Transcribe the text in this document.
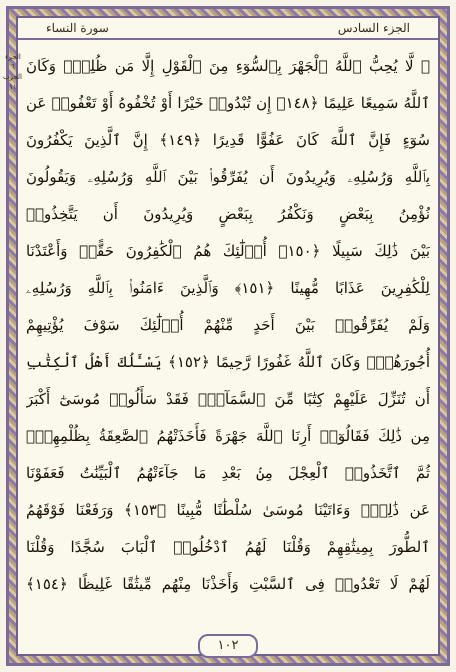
سورة النساء	الجزء السادس
الجزء ٦ الحزب ١١
۞ لَّا يُحِبُّ ٱللَّهُ ٱلْجَهْرَ بِٱلسُّوٓءِ مِنَ ٱلْقَوْلِ إِلَّا مَن ظُلِمَۚ وَكَانَ
ٱللَّهُ سَمِيعًا عَلِيمًا ﴿١٤٨﴾ إِن تُبْدُوا۟ خَيْرًا أَوْ تُخْفُوهُ أَوْ تَعْفُوا۟ عَن
سُوٓءٍ فَإِنَّ ٱللَّهَ كَانَ عَفُوًّا قَدِيرًا ﴿١٤٩﴾ إِنَّ ٱلَّذِينَ يَكْفُرُونَ
بِٱللَّهِ وَرُسُلِهِۦ وَيُرِيدُونَ أَن يُفَرِّقُوا۟ بَيْنَ ٱللَّهِ وَرُسُلِهِۦ وَيَقُولُونَ
نُؤْمِنُ بِبَعْضٍ وَنَكْفُرُ بِبَعْضٍ وَيُرِيدُونَ أَن يَتَّخِذُوا۟
بَيْنَ ذَٰلِكَ سَبِيلًا ﴿١٥٠﴾ أُو۟لَٰٓئِكَ هُمُ ٱلْكَٰفِرُونَ حَقًّاۚ وَأَعْتَدْنَا
لِلْكَٰفِرِينَ عَذَابًا مُّهِينًا ﴿١٥١﴾ وَٱلَّذِينَ ءَامَنُوا۟ بِٱللَّهِ وَرُسُلِهِۦ
وَلَمْ يُفَرِّقُوا۟ بَيْنَ أَحَدٍ مِّنْهُمْ أُو۟لَٰٓئِكَ سَوْفَ يُؤْتِيهِمْ
أُجُورَهُمْۗ وَكَانَ ٱللَّهُ غَفُورًا رَّحِيمًا ﴿١٥٢﴾ يَسْـَٔلُكَ أَهْلُ ٱلْكِتَٰبِ
أَن تُنَزِّلَ عَلَيْهِمْ كِتَٰبًا مِّنَ ٱلسَّمَآءِۚ فَقَدْ سَأَلُوا۟ مُوسَىٰٓ أَكْبَرَ
مِن ذَٰلِكَ فَقَالُوٓا۟ أَرِنَا ٱللَّهَ جَهْرَةً فَأَخَذَتْهُمُ ٱلصَّٰعِقَةُ بِظُلْمِهِمْۚ
ثُمَّ ٱتَّخَذُوا۟ ٱلْعِجْلَ مِنۢ بَعْدِ مَا جَآءَتْهُمُ ٱلْبَيِّنَٰتُ فَعَفَوْنَا
عَن ذَٰلِكَۚ وَءَاتَيْنَا مُوسَىٰ سُلْطَٰنًا مُّبِينًا ﴿١٥٣﴾ وَرَفَعْنَا فَوْقَهُمُ
ٱلطُّورَ بِمِيثَٰقِهِمْ وَقُلْنَا لَهُمُ ٱدْخُلُوا۟ ٱلْبَابَ سُجَّدًا وَقُلْنَا
لَهُمْ لَا تَعْدُوا۟ فِى ٱلسَّبْتِ وَأَخَذْنَا مِنْهُم مِّيثَٰقًا غَلِيظًا ﴿١٥٤﴾
١٠٢
